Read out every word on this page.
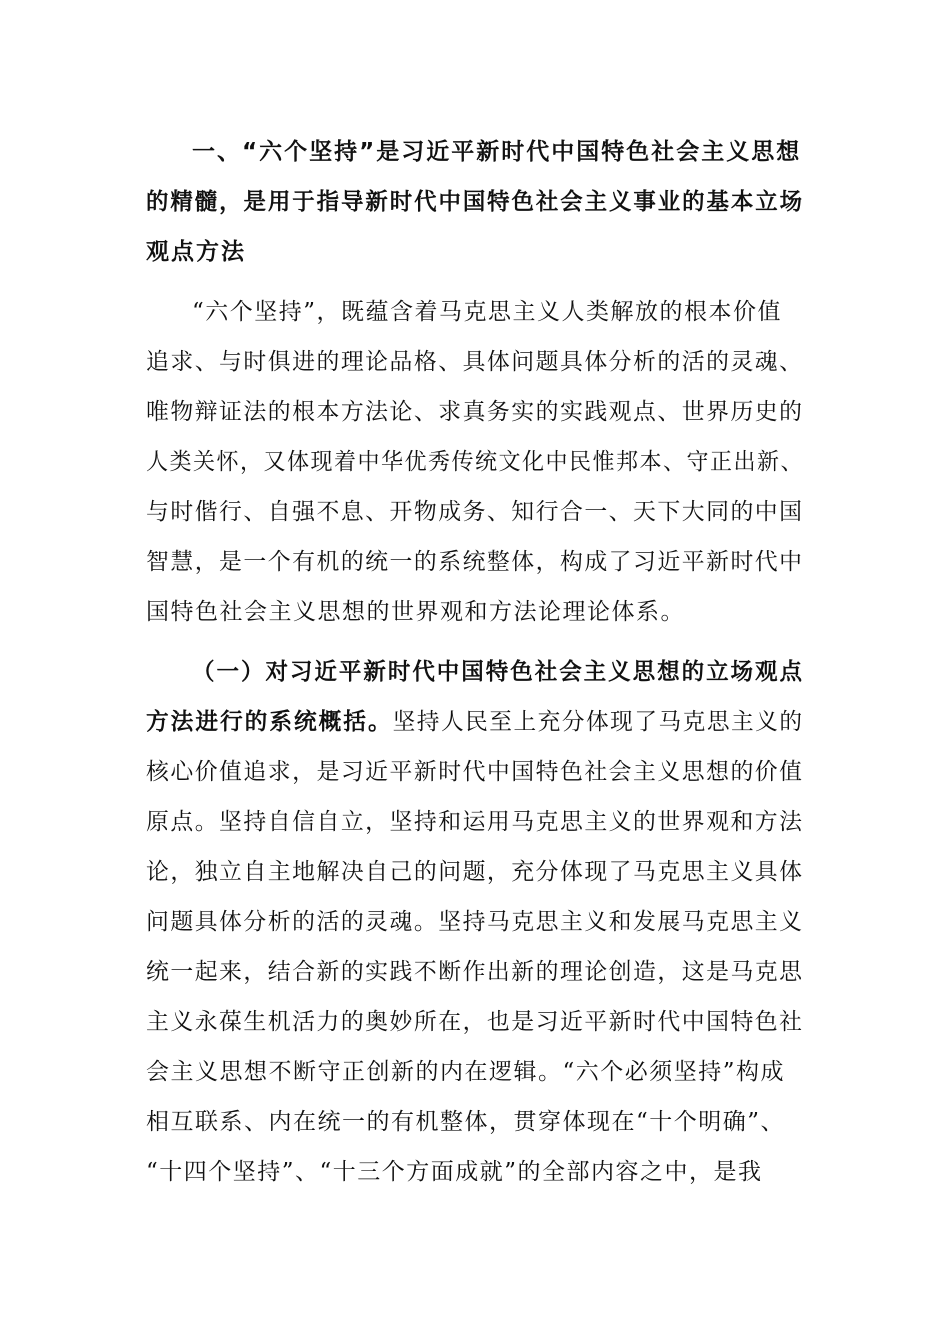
一、“六个坚持”是习近平新时代中国特色社会主义思想
的精髓，是用于指导新时代中国特色社会主义事业的基本立场
观点方法
“六个坚持”，既蕴含着马克思主义人类解放的根本价值
追求、与时俱进的理论品格、具体问题具体分析的活的灵魂、
唯物辩证法的根本方法论、求真务实的实践观点、世界历史的
人类关怀，又体现着中华优秀传统文化中民惟邦本、守正出新、
与时偕行、自强不息、开物成务、知行合一、天下大同的中国
智慧，是一个有机的统一的系统整体，构成了习近平新时代中
国特色社会主义思想的世界观和方法论理论体系。
（一）对习近平新时代中国特色社会主义思想的立场观点
方法进行的系统概括。坚持人民至上充分体现了马克思主义的
核心价值追求，是习近平新时代中国特色社会主义思想的价值
原点。坚持自信自立，坚持和运用马克思主义的世界观和方法
论，独立自主地解决自己的问题，充分体现了马克思主义具体
问题具体分析的活的灵魂。坚持马克思主义和发展马克思主义
统一起来，结合新的实践不断作出新的理论创造，这是马克思
主义永葆生机活力的奥妙所在，也是习近平新时代中国特色社
会主义思想不断守正创新的内在逻辑。“六个必须坚持”构成
相互联系、内在统一的有机整体，贯穿体现在“十个明确”、
“十四个坚持”、“十三个方面成就”的全部内容之中，是我
